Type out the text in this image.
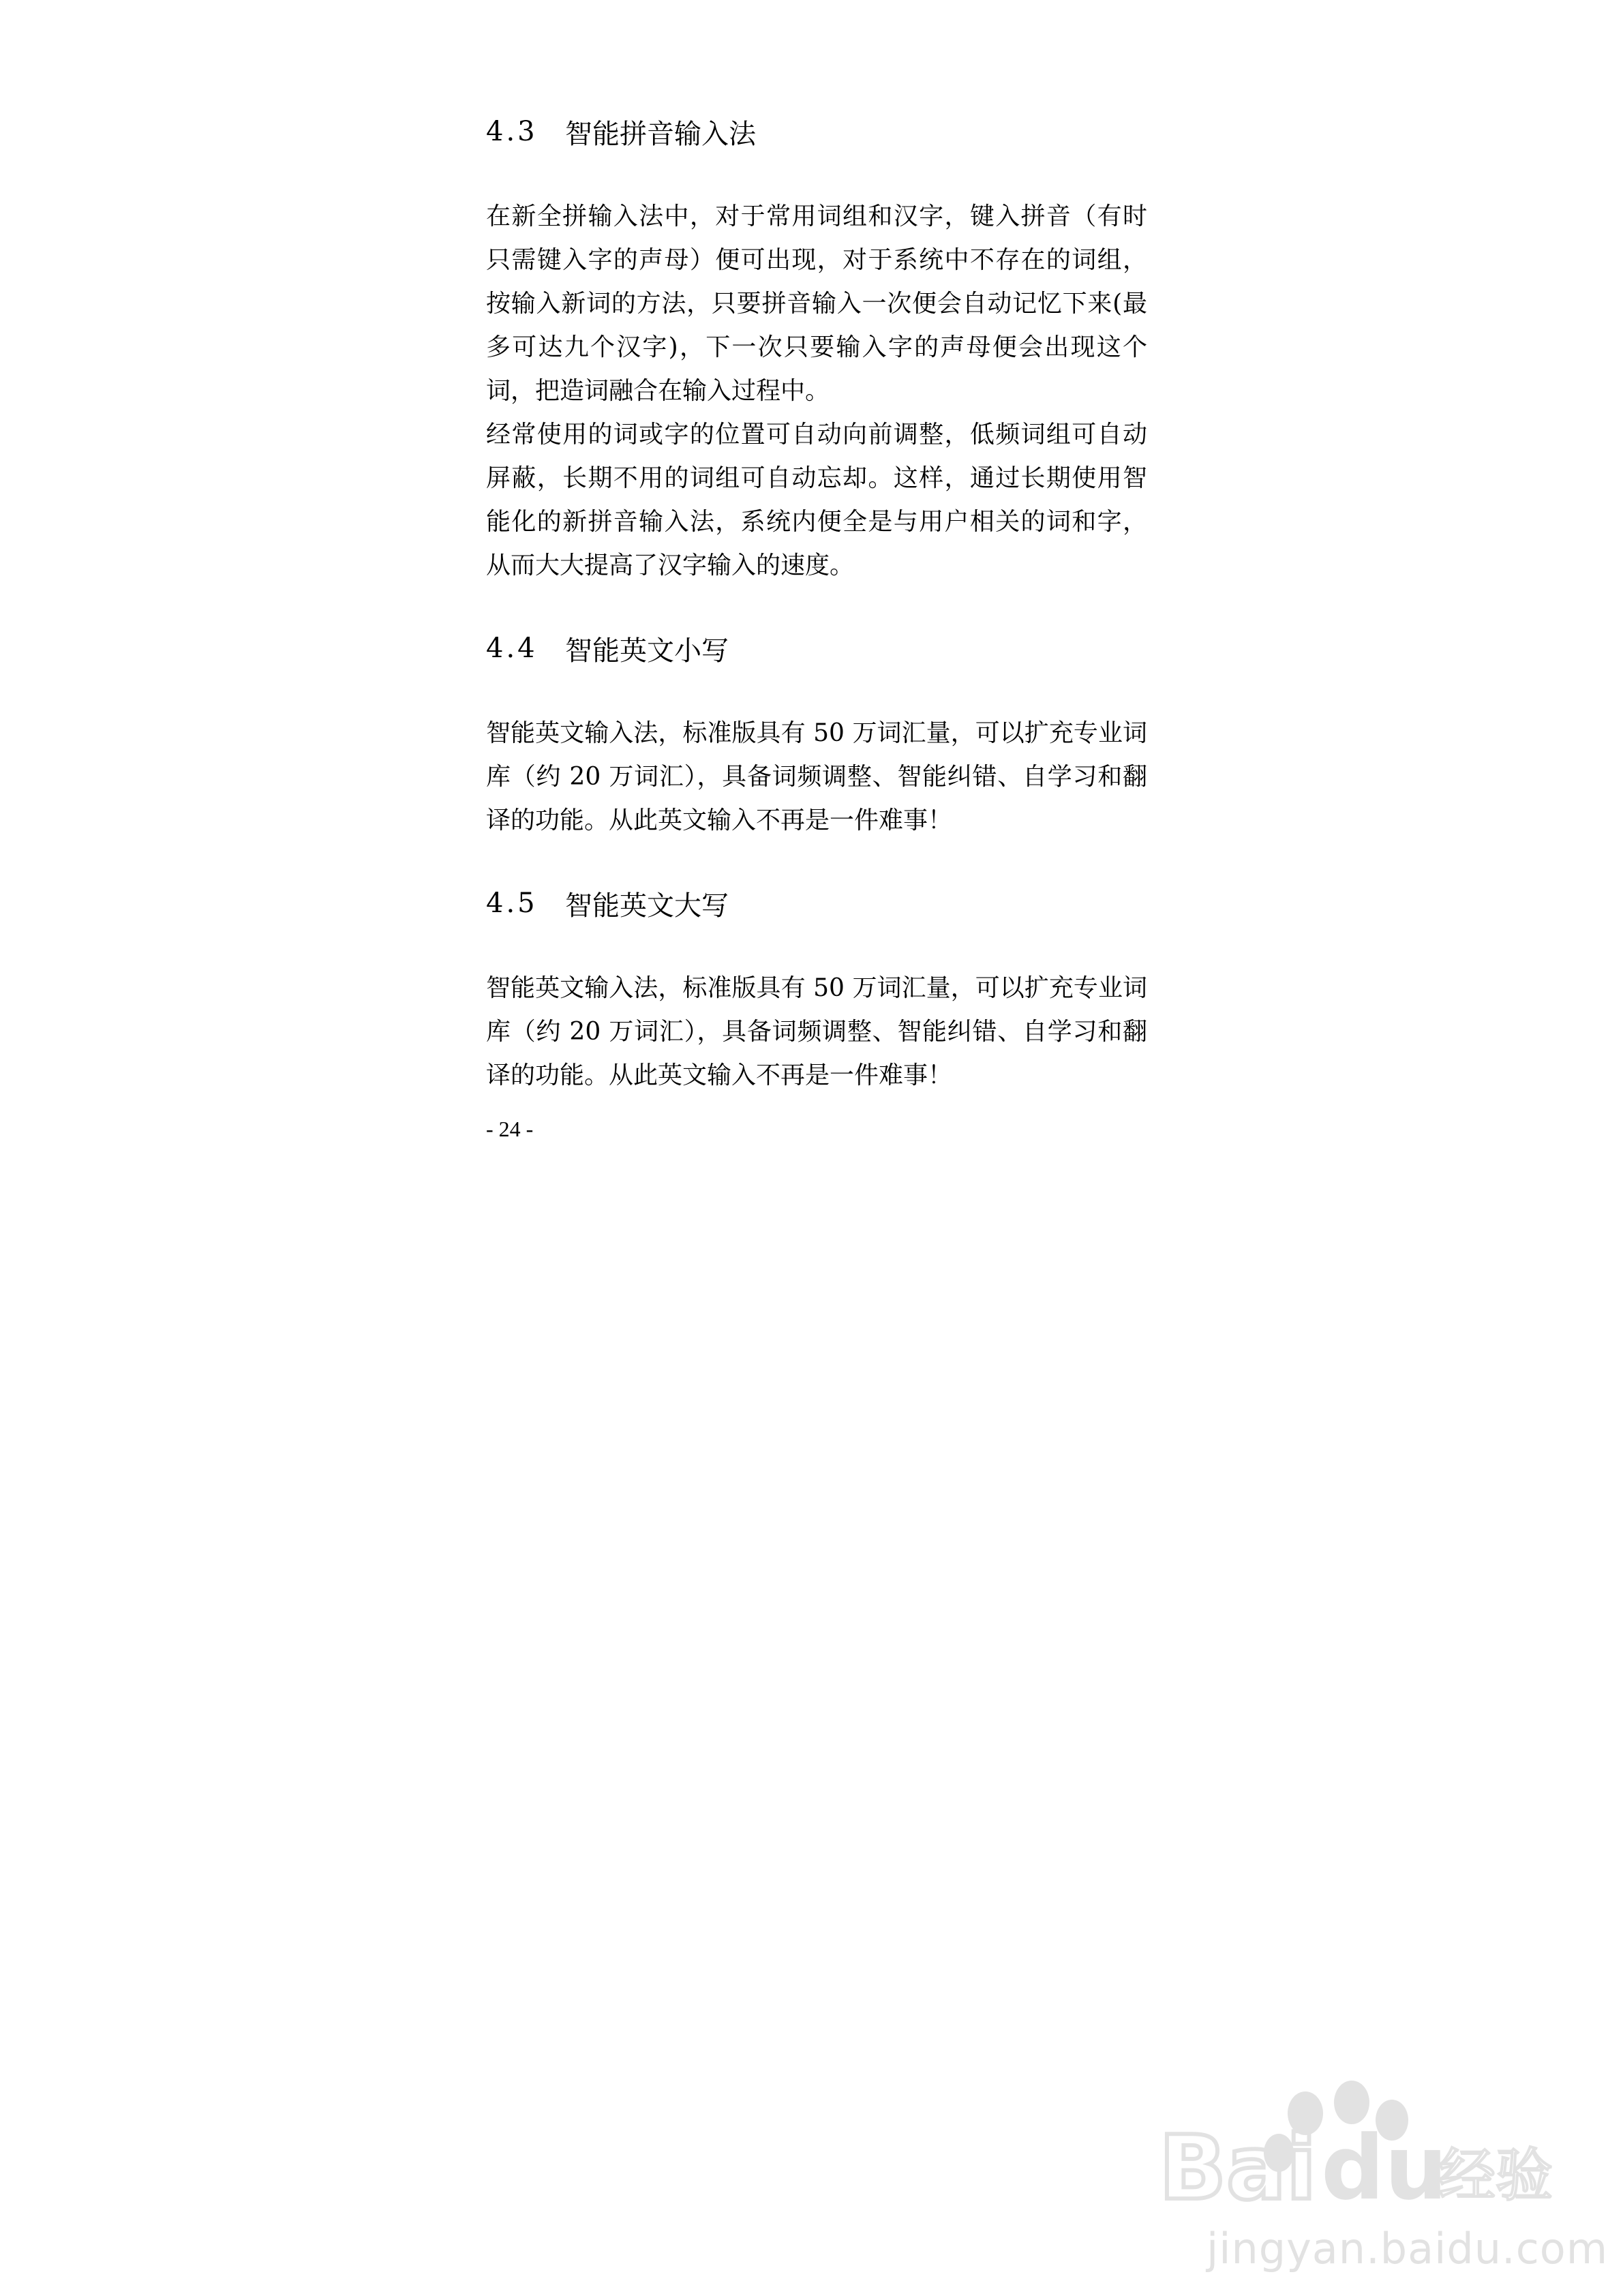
4.3	智能拼音输入法

在新全拼输入法中，对于常用词组和汉字，键入拼音（有时只需键入字的声母）便可出现，对于系统中不存在的词组，按输入新词的方法，只要拼音输入一次便会自动记忆下来(最多可达九个汉字)，下一次只要输入字的声母便会出现这个词，把造词融合在输入过程中。

经常使用的词或字的位置可自动向前调整，低频词组可自动屏蔽，长期不用的词组可自动忘却。这样，通过长期使用智能化的新拼音输入法，系统内便全是与用户相关的词和字，从而大大提高了汉字输入的速度。

4.4	智能英文小写

智能英文输入法，标准版具有 50 万词汇量，可以扩充专业词库（约 20 万词汇），具备词频调整、智能纠错、自学习和翻译的功能。从此英文输入不再是一件难事！

4.5	智能英文大写

智能英文输入法，标准版具有 50 万词汇量，可以扩充专业词库（约 20 万词汇），具备词频调整、智能纠错、自学习和翻译的功能。从此英文输入不再是一件难事！

- 24 -
Bai du
经验
jingyan.baidu.com
